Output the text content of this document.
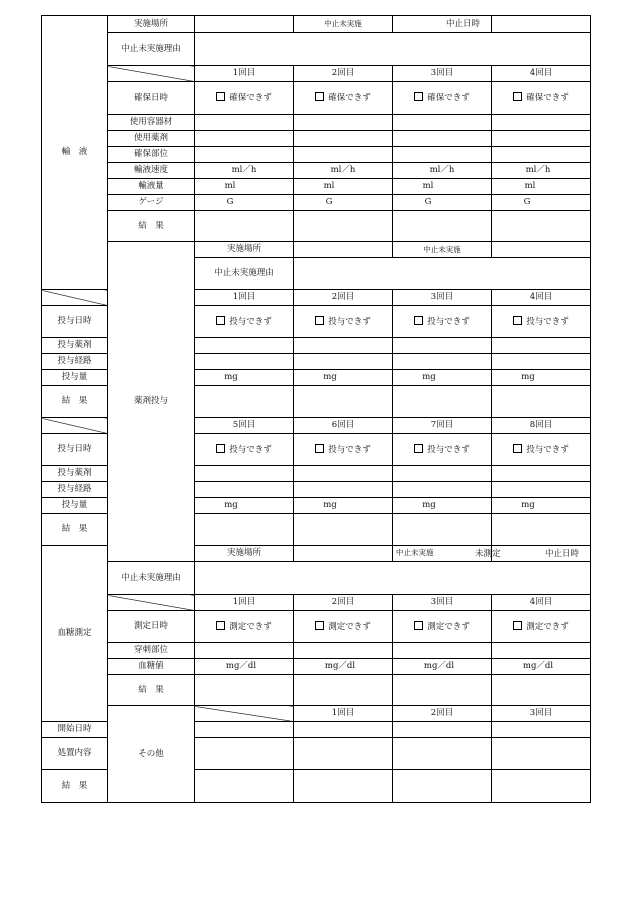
輸　液	実施場所		中止未実施	中止日時		

	中止未実施理由					
		1回目	2回目	3回目	4回目	
	確保日時	確保できず	確保できず	確保できず	確保できず	
	使用容器材					
	使用薬剤					
	確保部位					
	輸液速度	ml／h	ml／h	ml／h	ml／h	
	輸液量	ml	ml	ml	ml	
	ゲージ	G	G	G	G	
	結　果					
	薬剤投与	実施場所		中止未実施		
		中止未実施理由				
		1回目	2回目	3回目	4回目	
投与日時		投与できず	投与できず	投与できず	投与できず	
投与薬剤						
投与経路						
投与量		mg	mg	mg	mg	
結　果						
		5回目	6回目	7回目	8回目	
投与日時		投与できず	投与できず	投与できず	投与できず	
投与薬剤						
投与経路						
投与量		mg	mg	mg	mg	
結　果						
血糖測定		実施場所		中止未実施 未測定	中止日時	

	中止未実施理由					
		1回目	2回目	3回目	4回目	
	測定日時	測定できず	測定できず	測定できず	測定できず	
	穿刺部位					
	血糖値	mg／dl	mg／dl	mg／dl	mg／dl	
	結　果					
	その他		1回目	2回目	3回目	
開始日時						
処置内容						
結　果						
